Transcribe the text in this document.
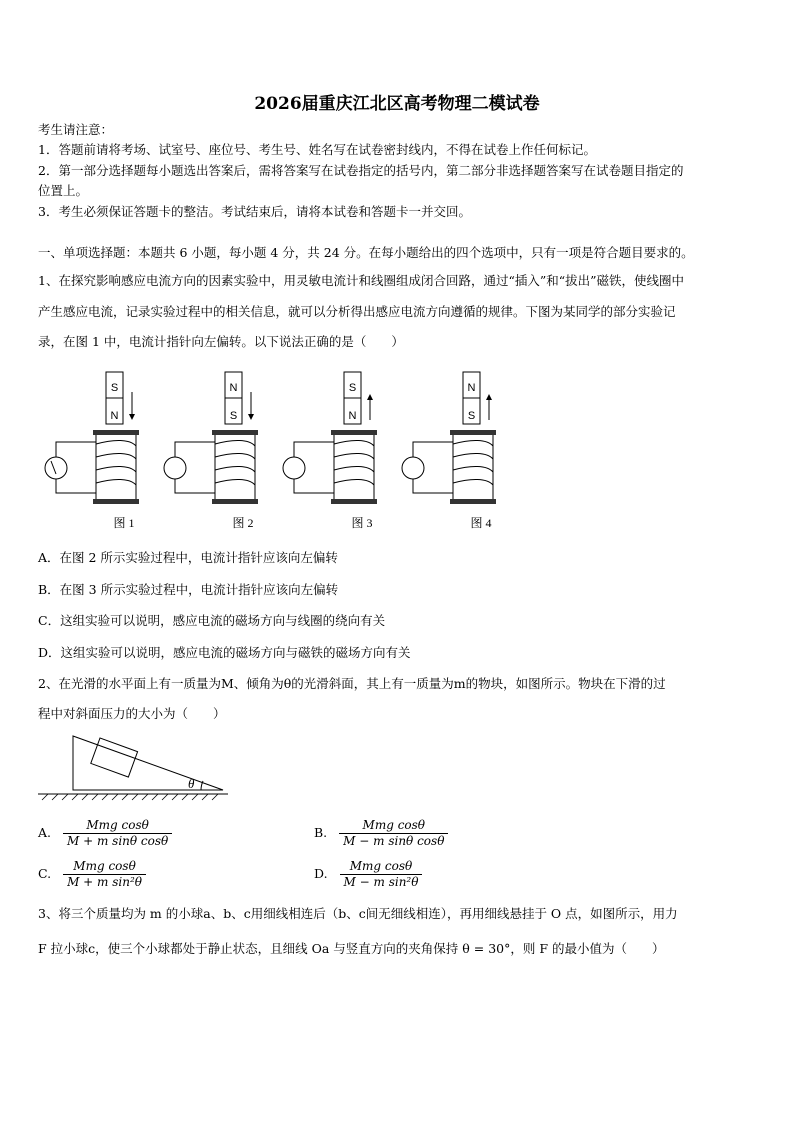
2026届重庆江北区高考物理二模试卷
考生请注意：
1．答题前请将考场、试室号、座位号、考生号、姓名写在试卷密封线内，不得在试卷上作任何标记。
2．第一部分选择题每小题选出答案后，需将答案写在试卷指定的括号内，第二部分非选择题答案写在试卷题目指定的
位置上。
3．考生必须保证答题卡的整洁。考试结束后，请将本试卷和答题卡一并交回。
一、单项选择题：本题共 6 小题，每小题 4 分，共 24 分。在每小题给出的四个选项中，只有一项是符合题目要求的。
1、在探究影响感应电流方向的因素实验中，用灵敏电流计和线圈组成闭合回路，通过“插入”和“拔出”磁铁，使线圈中
产生感应电流，记录实验过程中的相关信息，就可以分析得出感应电流方向遵循的规律。下图为某同学的部分实验记
录，在图 1 中，电流计指针向左偏转。以下说法正确的是（　　）
S
N
图 1
N
S
图 2
S
N
图 3
N
S
图 4
A．在图 2 所示实验过程中，电流计指针应该向左偏转
B．在图 3 所示实验过程中，电流计指针应该向左偏转
C．这组实验可以说明，感应电流的磁场方向与线圈的绕向有关
D．这组实验可以说明，感应电流的磁场方向与磁铁的磁场方向有关
2、在光滑的水平面上有一质量为M、倾角为θ的光滑斜面，其上有一质量为m的物块，如图所示。物块在下滑的过
程中对斜面压力的大小为（　　）
θ
A. $\frac{\text{Mmg cosθ}}{\text{M + m sinθ cosθ}}$	B. $\frac{\text{Mmg cosθ}}{\text{M − m sinθ cosθ}}$
C. $\frac{\text{Mmg cosθ}}{\text{M + m sin²θ}}$	D. $\frac{\text{Mmg cosθ}}{\text{M − m sin²θ}}$
3、将三个质量均为 m 的小球a、b、c用细线相连后（b、c间无细线相连），再用细线悬挂于 O 点，如图所示，用力
F 拉小球c，使三个小球都处于静止状态，且细线 Oa 与竖直方向的夹角保持 θ = 30°，则 F 的最小值为（　　）
